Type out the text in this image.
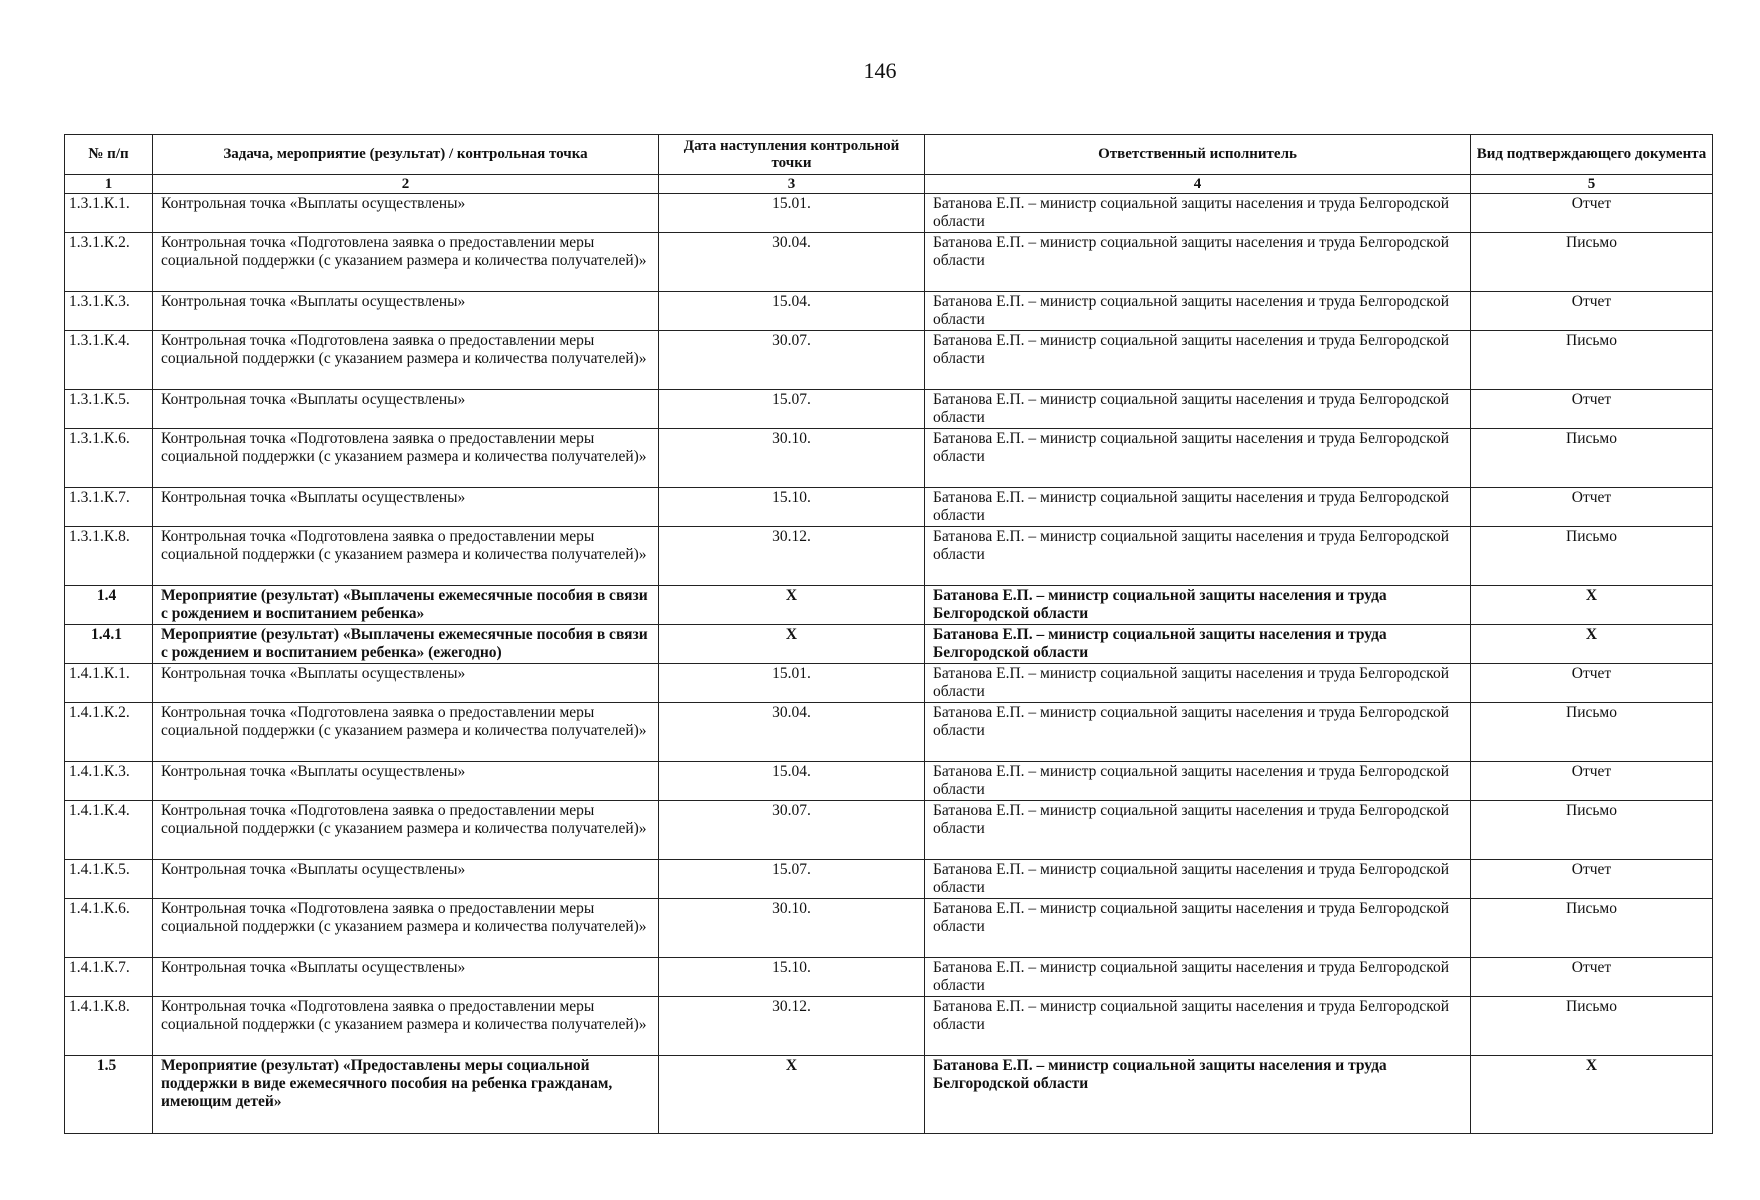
146
№ п/п	Задача, мероприятие (результат) / контрольная точка	Дата наступления контрольной точки	Ответственный исполнитель	Вид подтверждающего документа
1	2	3	4	5
1.3.1.К.1.	Контрольная точка «Выплаты осуществлены»	15.01.	Батанова Е.П. – министр социальной защиты населения и труда Белгородской области	Отчет
1.3.1.К.2.	Контрольная точка «Подготовлена заявка о предоставлении меры социальной поддержки (с указанием размера и количества получателей)»	30.04.	Батанова Е.П. – министр социальной защиты населения и труда Белгородской области	Письмо
1.3.1.К.3.	Контрольная точка «Выплаты осуществлены»	15.04.	Батанова Е.П. – министр социальной защиты населения и труда Белгородской области	Отчет
1.3.1.К.4.	Контрольная точка «Подготовлена заявка о предоставлении меры социальной поддержки (с указанием размера и количества получателей)»	30.07.	Батанова Е.П. – министр социальной защиты населения и труда Белгородской области	Письмо
1.3.1.К.5.	Контрольная точка «Выплаты осуществлены»	15.07.	Батанова Е.П. – министр социальной защиты населения и труда Белгородской области	Отчет
1.3.1.К.6.	Контрольная точка «Подготовлена заявка о предоставлении меры социальной поддержки (с указанием размера и количества получателей)»	30.10.	Батанова Е.П. – министр социальной защиты населения и труда Белгородской области	Письмо
1.3.1.К.7.	Контрольная точка «Выплаты осуществлены»	15.10.	Батанова Е.П. – министр социальной защиты населения и труда Белгородской области	Отчет
1.3.1.К.8.	Контрольная точка «Подготовлена заявка о предоставлении меры социальной поддержки (с указанием размера и количества получателей)»	30.12.	Батанова Е.П. – министр социальной защиты населения и труда Белгородской области	Письмо
1.4	Мероприятие (результат) «Выплачены ежемесячные пособия в связи с рождением и воспитанием ребенка»	X	Батанова Е.П. – министр социальной защиты населения и труда Белгородской области	X
1.4.1	Мероприятие (результат) «Выплачены ежемесячные пособия в связи с рождением и воспитанием ребенка» (ежегодно)	X	Батанова Е.П. – министр социальной защиты населения и труда Белгородской области	X
1.4.1.К.1.	Контрольная точка «Выплаты осуществлены»	15.01.	Батанова Е.П. – министр социальной защиты населения и труда Белгородской области	Отчет
1.4.1.К.2.	Контрольная точка «Подготовлена заявка о предоставлении меры социальной поддержки (с указанием размера и количества получателей)»	30.04.	Батанова Е.П. – министр социальной защиты населения и труда Белгородской области	Письмо
1.4.1.К.3.	Контрольная точка «Выплаты осуществлены»	15.04.	Батанова Е.П. – министр социальной защиты населения и труда Белгородской области	Отчет
1.4.1.К.4.	Контрольная точка «Подготовлена заявка о предоставлении меры социальной поддержки (с указанием размера и количества получателей)»	30.07.	Батанова Е.П. – министр социальной защиты населения и труда Белгородской области	Письмо
1.4.1.К.5.	Контрольная точка «Выплаты осуществлены»	15.07.	Батанова Е.П. – министр социальной защиты населения и труда Белгородской области	Отчет
1.4.1.К.6.	Контрольная точка «Подготовлена заявка о предоставлении меры социальной поддержки (с указанием размера и количества получателей)»	30.10.	Батанова Е.П. – министр социальной защиты населения и труда Белгородской области	Письмо
1.4.1.К.7.	Контрольная точка «Выплаты осуществлены»	15.10.	Батанова Е.П. – министр социальной защиты населения и труда Белгородской области	Отчет
1.4.1.К.8.	Контрольная точка «Подготовлена заявка о предоставлении меры социальной поддержки (с указанием размера и количества получателей)»	30.12.	Батанова Е.П. – министр социальной защиты населения и труда Белгородской области	Письмо
1.5	Мероприятие (результат) «Предоставлены меры социальной поддержки в виде ежемесячного пособия на ребенка гражданам, имеющим детей»	X	Батанова Е.П. – министр социальной защиты населения и труда Белгородской области	X
